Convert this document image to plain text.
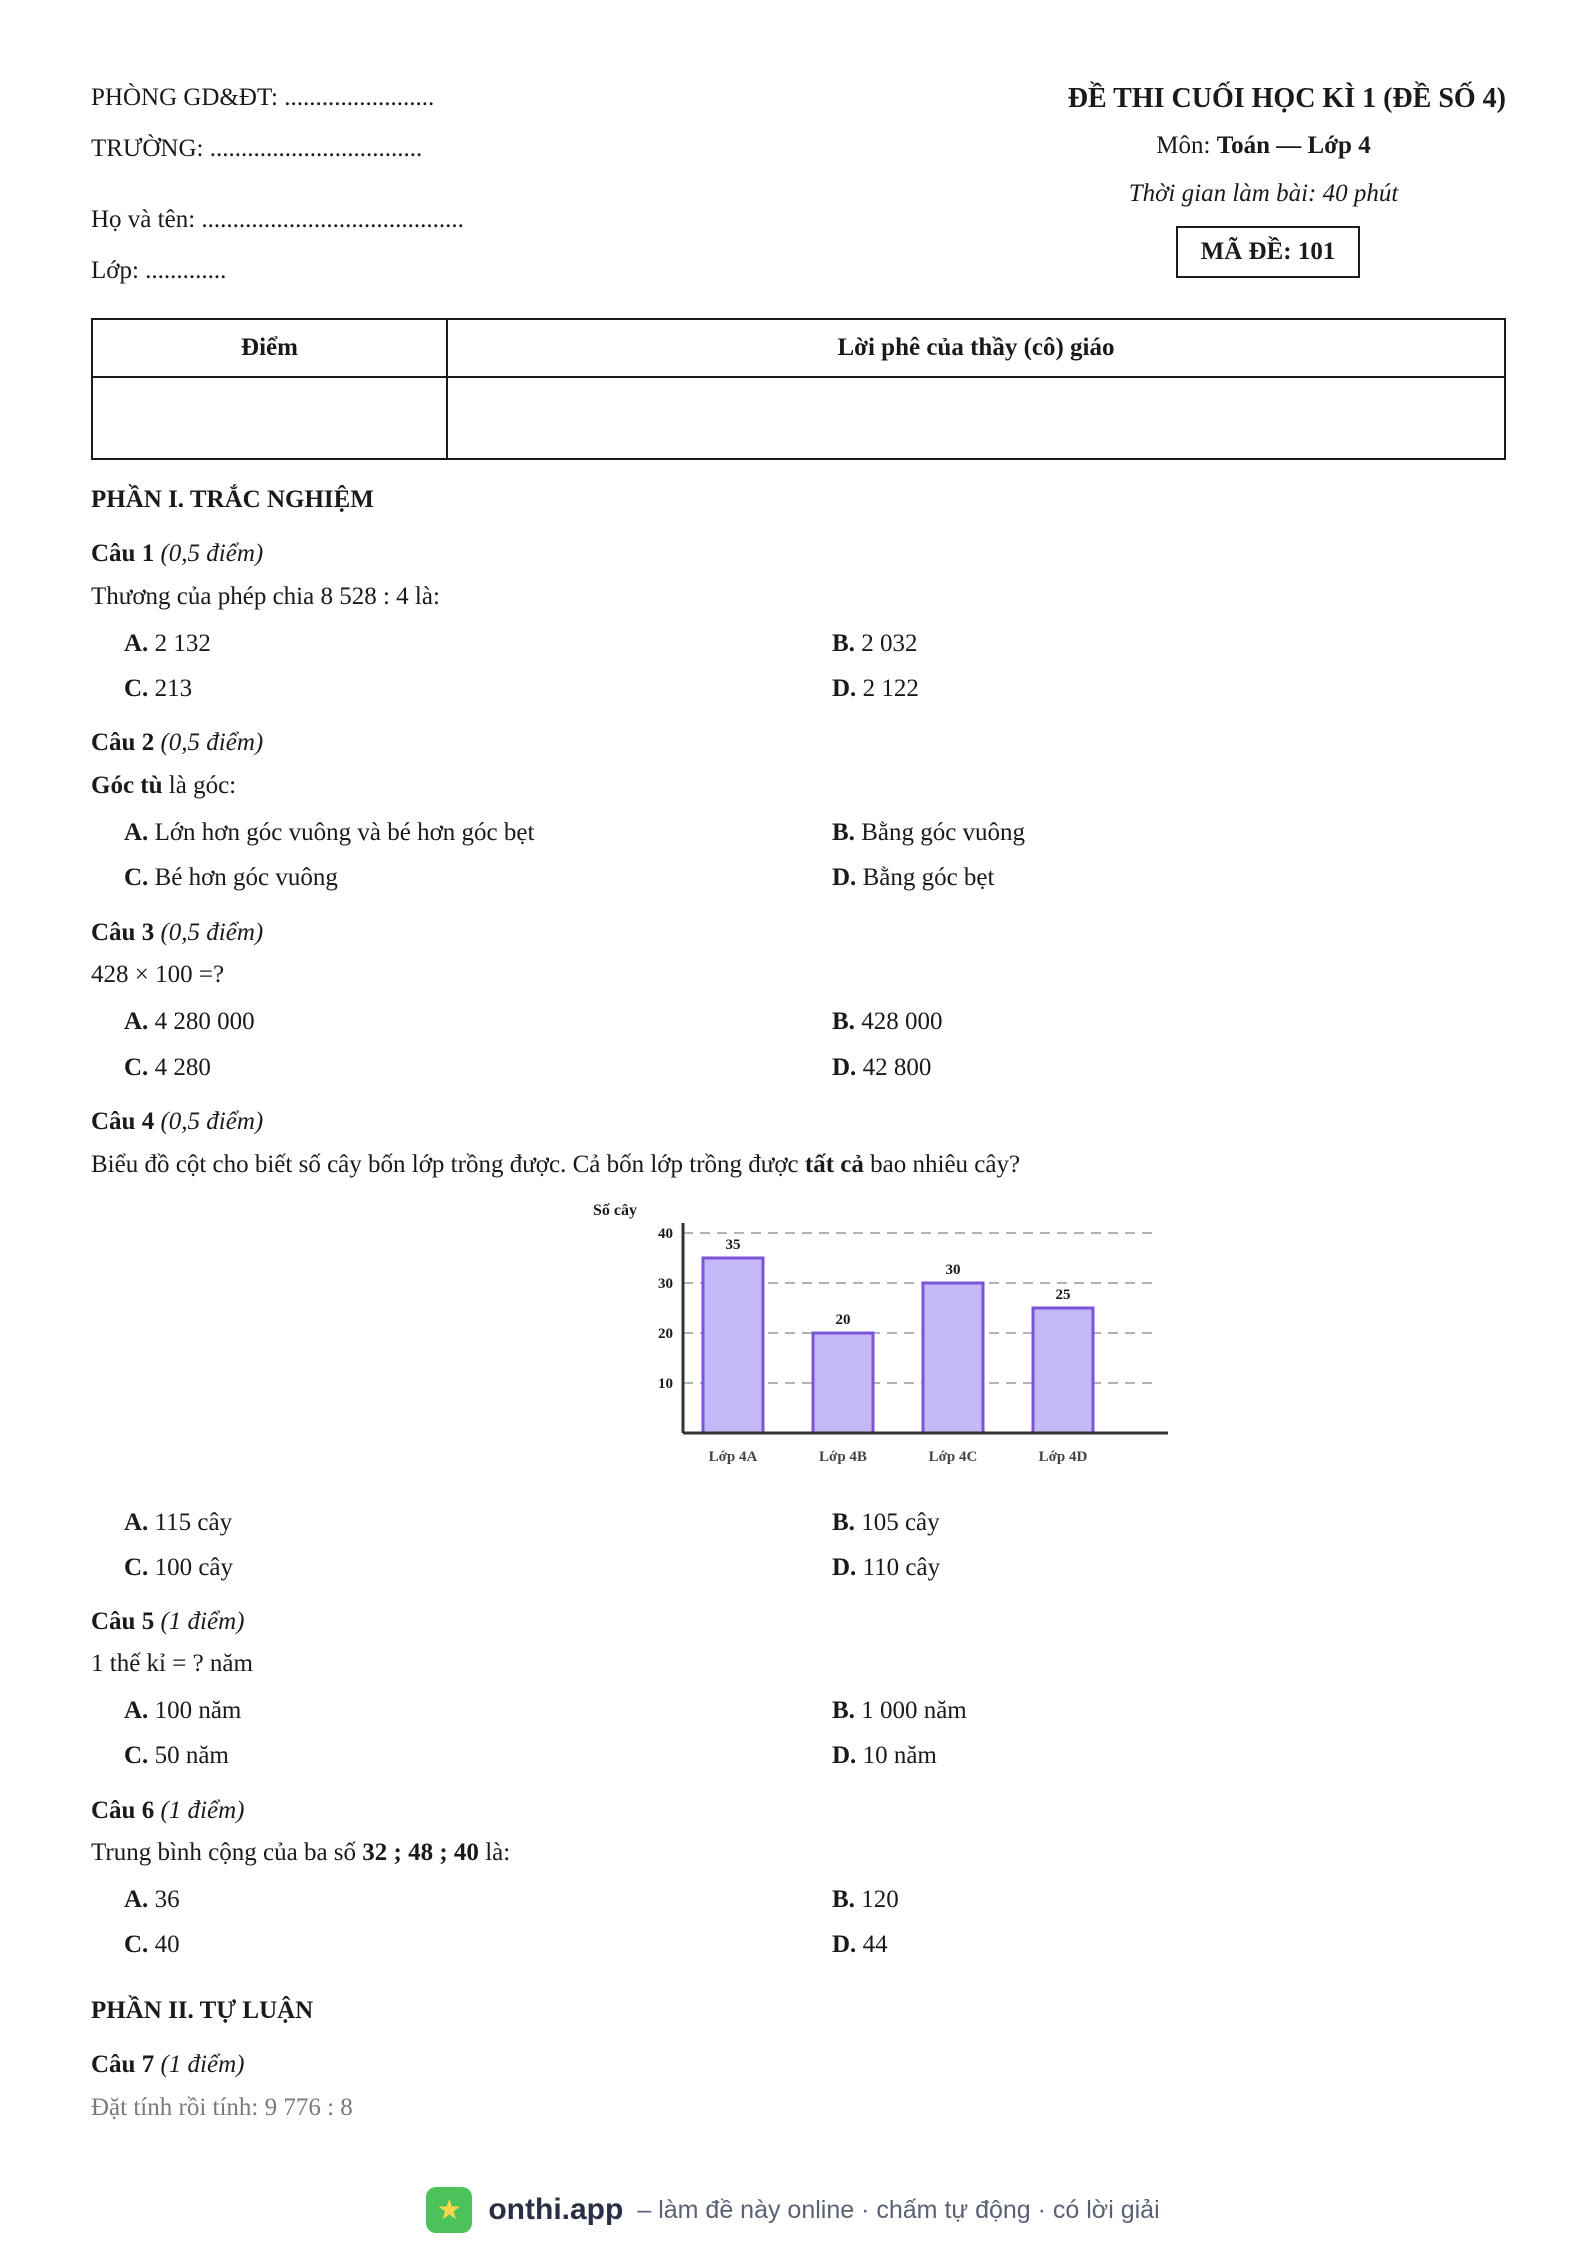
PHÒNG GD&ĐT: ........................
TRƯỜNG: ..................................
Họ và tên: ..........................................
Lớp: .............
ĐỀ THI CUỐI HỌC KÌ 1 (ĐỀ SỐ 4)
Môn: Toán — Lớp 4
Thời gian làm bài: 40 phút
MÃ ĐỀ: 101
Điểm	Lời phê của thầy (cô) giáo

PHẦN I. TRẮC NGHIỆM
Câu 1 (0,5 điểm)
Thương của phép chia 8 528 : 4 là:
A. 2 132	B. 2 032
C. 213	D. 2 122
Câu 2 (0,5 điểm)
Góc tù là góc:
A. Lớn hơn góc vuông và bé hơn góc bẹt	B. Bằng góc vuông
C. Bé hơn góc vuông	D. Bằng góc bẹt
Câu 3 (0,5 điểm)
428 × 100 =?
A. 4 280 000	B. 428 000
C. 4 280	D. 42 800
Câu 4 (0,5 điểm)
Biểu đồ cột cho biết số cây bốn lớp trồng được. Cả bốn lớp trồng được tất cả bao nhiêu cây?
35
20
30
25
10
20
30
40
Lớp 4A	Lớp 4B	Lớp 4C	Lớp 4D
Số cây
A. 115 cây	B. 105 cây
C. 100 cây	D. 110 cây
Câu 5 (1 điểm)
1 thế kỉ = ? năm
A. 100 năm	B. 1 000 năm
C. 50 năm	D. 10 năm
Câu 6 (1 điểm)
Trung bình cộng của ba số 32 ; 48 ; 40 là:
A. 36	B. 120
C. 40	D. 44
PHẦN II. TỰ LUẬN
Câu 7 (1 điểm)
Đặt tính rồi tính: 9 776 : 8
★ onthi.app – làm đề này online · chấm tự động · có lời giải
